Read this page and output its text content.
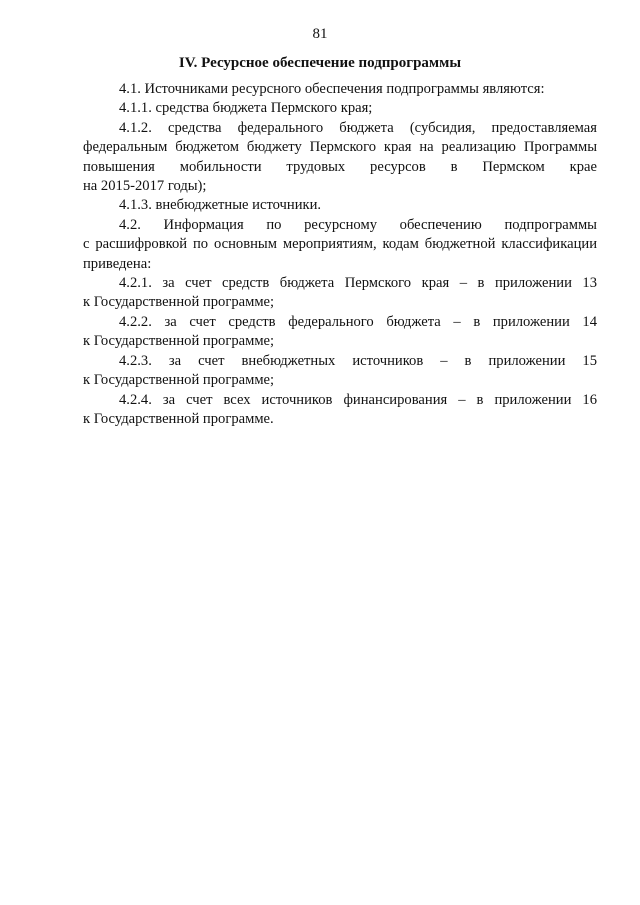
81
IV. Ресурсное обеспечение подпрограммы
4.1. Источниками ресурсного обеспечения подпрограммы являются:
4.1.1. средства бюджета Пермского края;
4.1.2. средства федерального бюджета (субсидия, предоставляемая
федеральным бюджетом бюджету Пермского края на реализацию Программы
повышения мобильности трудовых ресурсов в Пермском крае
на 2015-2017 годы);
4.1.3. внебюджетные источники.
4.2. Информация по ресурсному обеспечению подпрограммы
с расшифровкой по основным мероприятиям, кодам бюджетной классификации
приведена:
4.2.1. за счет средств бюджета Пермского края – в приложении 13
к Государственной программе;
4.2.2. за счет средств федерального бюджета – в приложении 14
к Государственной программе;
4.2.3. за счет внебюджетных источников – в приложении 15
к Государственной программе;
4.2.4. за счет всех источников финансирования – в приложении 16
к Государственной программе.
